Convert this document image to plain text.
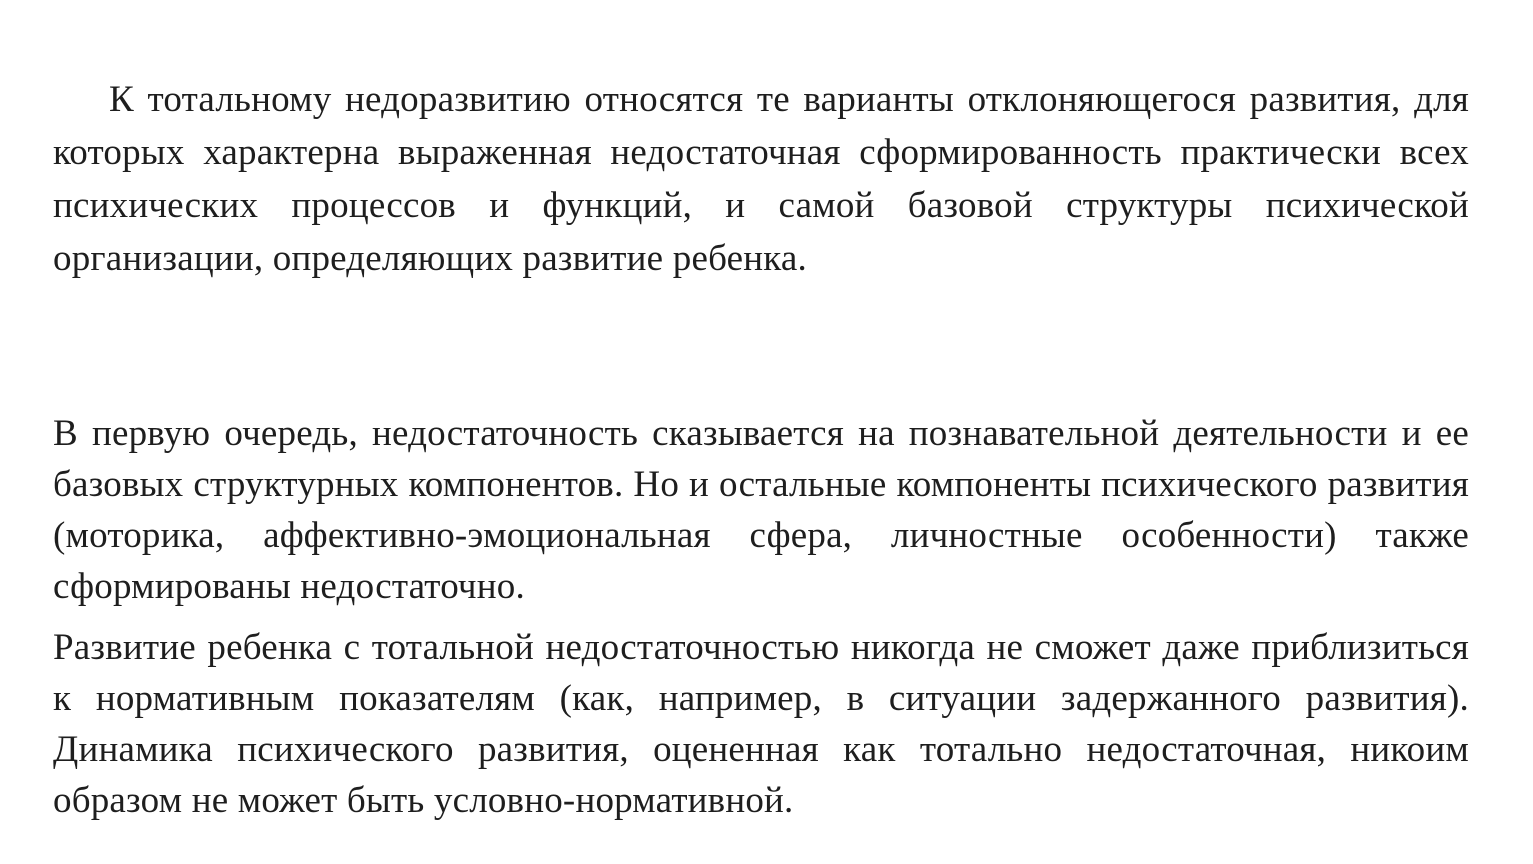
К тотальному недоразвитию относятся те варианты отклоняющегося развития, для которых характерна выраженная недостаточная сформированность практически всех психических процессов и функций, и самой базовой структуры психической организации, определяющих развитие ребенка.

В первую очередь, недостаточность сказывается на познавательной деятельности и ее базовых структурных компонентов. Но и остальные компоненты психического развития (моторика, аффективно-эмоциональная сфера, личностные особенности) также сформированы недостаточно.

Развитие ребенка с тотальной недостаточностью никогда не сможет даже приблизиться к нормативным показателям (как, например, в ситуации задержанного развития). Динамика психического развития, оцененная как тотально недостаточная, никоим образом не может быть условно-нормативной.
